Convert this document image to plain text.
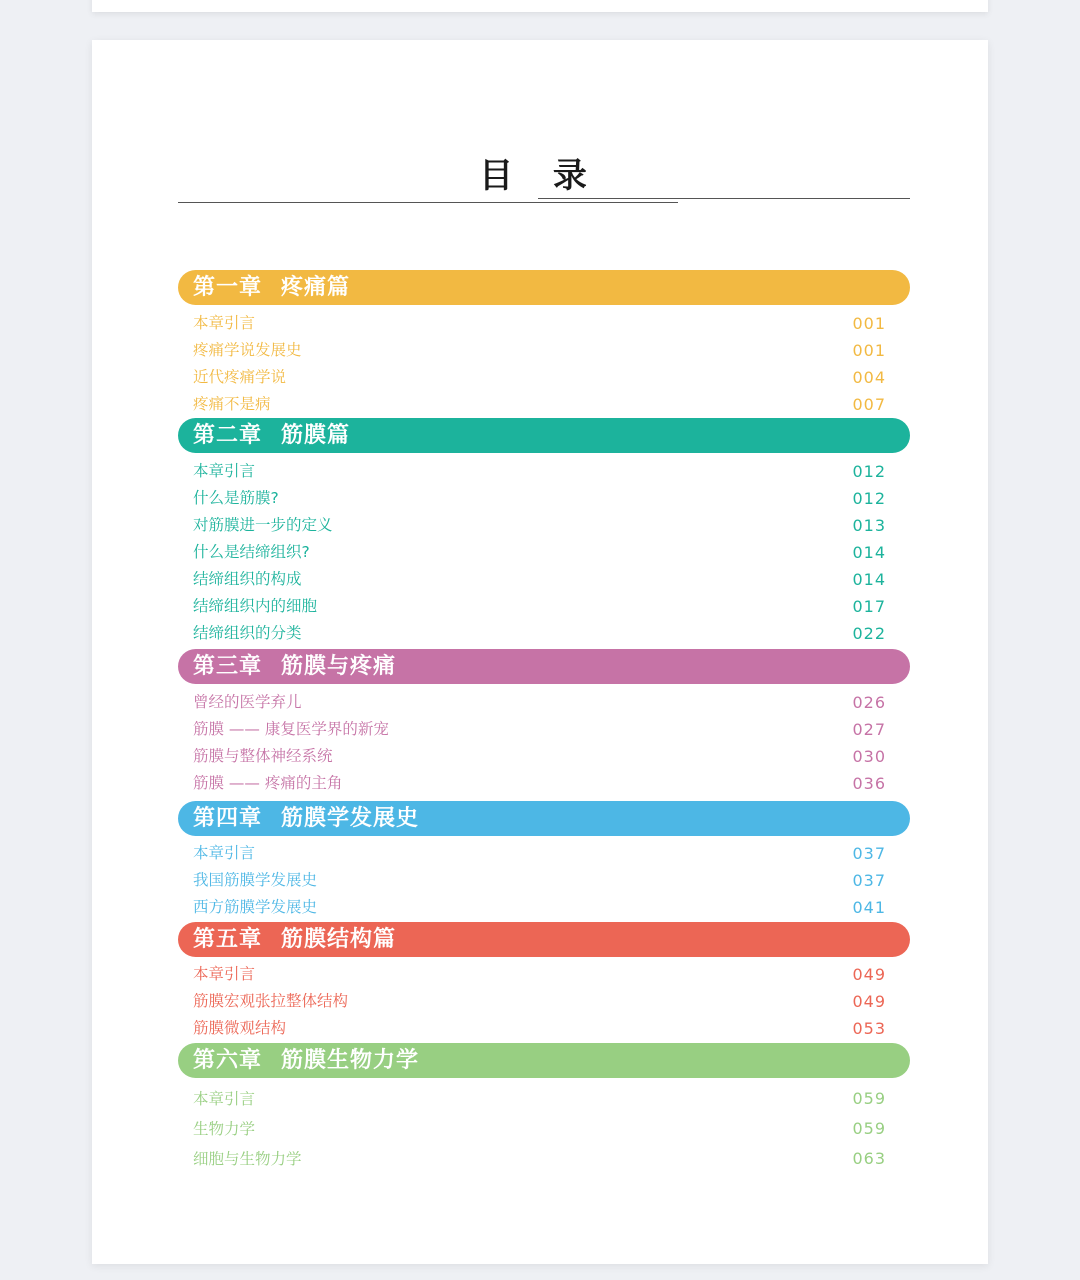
目 录
第一章 疼痛篇
本章引言	001
疼痛学说发展史	001
近代疼痛学说	004
疼痛不是病	007
第二章 筋膜篇
本章引言	012
什么是筋膜?	012
对筋膜进一步的定义	013
什么是结缔组织?	014
结缔组织的构成	014
结缔组织内的细胞	017
结缔组织的分类	022
第三章 筋膜与疼痛
曾经的医学弃儿	026
筋膜 —— 康复医学界的新宠	027
筋膜与整体神经系统	030
筋膜 —— 疼痛的主角	036
第四章 筋膜学发展史
本章引言	037
我国筋膜学发展史	037
西方筋膜学发展史	041
第五章 筋膜结构篇
本章引言	049
筋膜宏观张拉整体结构	049
筋膜微观结构	053
第六章 筋膜生物力学
本章引言	059
生物力学	059
细胞与生物力学	063
